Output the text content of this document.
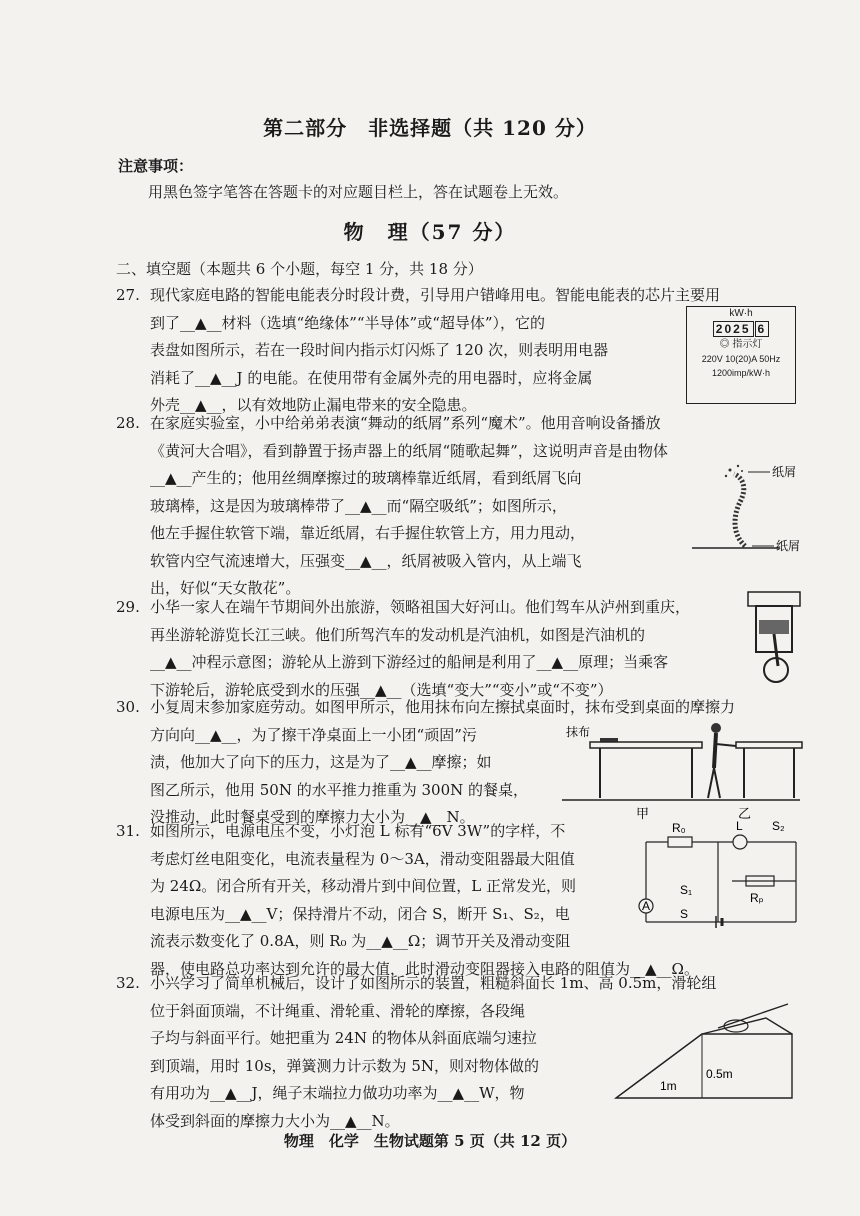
第二部分　非选择题（共 120 分）
注意事项：
用黑色签字笔答在答题卡的对应题目栏上，答在试题卷上无效。
物　理（57 分）
二、填空题（本题共 6 个小题，每空 1 分，共 18 分）
27. 现代家庭电路的智能电能表分时段计费，引导用户错峰用电。智能电能表的芯片主要用
到了__▲__材料（选填“绝缘体”“半导体”或“超导体”），它的
表盘如图所示，若在一段时间内指示灯闪烁了 120 次，则表明用电器
消耗了__▲__J 的电能。在使用带有金属外壳的用电器时，应将金属
外壳__▲__，以有效地防止漏电带来的安全隐患。
kW·h
2025 6
◎ 指示灯
220V 10(20)A 50Hz
1200imp/kW·h
28. 在家庭实验室，小中给弟弟表演“舞动的纸屑”系列“魔术”。他用音响设备播放
《黄河大合唱》，看到静置于扬声器上的纸屑“随歌起舞”，这说明声音是由物体
__▲__产生的；他用丝绸摩擦过的玻璃棒靠近纸屑，看到纸屑飞向
玻璃棒，这是因为玻璃棒带了__▲__而“隔空吸纸”；如图所示，
他左手握住软管下端，靠近纸屑，右手握住软管上方，用力甩动，
软管内空气流速增大，压强变__▲__，纸屑被吸入管内，从上端飞
出，好似“天女散花”。
纸屑
纸屑
29. 小华一家人在端午节期间外出旅游，领略祖国大好河山。他们驾车从泸州到重庆，
再坐游轮游览长江三峡。他们所驾汽车的发动机是汽油机，如图是汽油机的
__▲__冲程示意图；游轮从上游到下游经过的船闸是利用了__▲__原理；当乘客
下游轮后，游轮底受到水的压强__▲__（选填“变大”“变小”或“不变”）
30. 小复周末参加家庭劳动。如图甲所示，他用抹布向左擦拭桌面时，抹布受到桌面的摩擦力
方向向__▲__，为了擦干净桌面上一小团“顽固”污
渍，他加大了向下的压力，这是为了__▲__摩擦；如
图乙所示，他用 50N 的水平推力推重为 300N 的餐桌，
没推动，此时餐桌受到的摩擦力大小为__▲__N。
抹布
甲	乙
31. 如图所示，电源电压不变，小灯泡 L 标有“6V 3W”的字样，不
考虑灯丝电阻变化，电流表量程为 0～3A，滑动变阻器最大阻值
为 24Ω。闭合所有开关，移动滑片到中间位置，L 正常发光，则
电源电压为__▲__V；保持滑片不动，闭合 S，断开 S₁、S₂，电
流表示数变化了 0.8A，则 R₀ 为__▲__Ω；调节开关及滑动变阻
器，使电路总功率达到允许的最大值，此时滑动变阻器接入电路的阻值为__▲__Ω。
R₀	L S₂
Rₚ
A
S₁
S
32. 小兴学习了简单机械后，设计了如图所示的装置，粗糙斜面长 1m、高 0.5m，滑轮组
位于斜面顶端，不计绳重、滑轮重、滑轮的摩擦，各段绳
子均与斜面平行。她把重为 24N 的物体从斜面底端匀速拉
到顶端，用时 10s，弹簧测力计示数为 5N，则对物体做的
有用功为__▲__J，绳子末端拉力做功功率为__▲__W，物
体受到斜面的摩擦力大小为__▲__N。
1m
0.5m
物理　化学　生物试题第 5 页（共 12 页）
